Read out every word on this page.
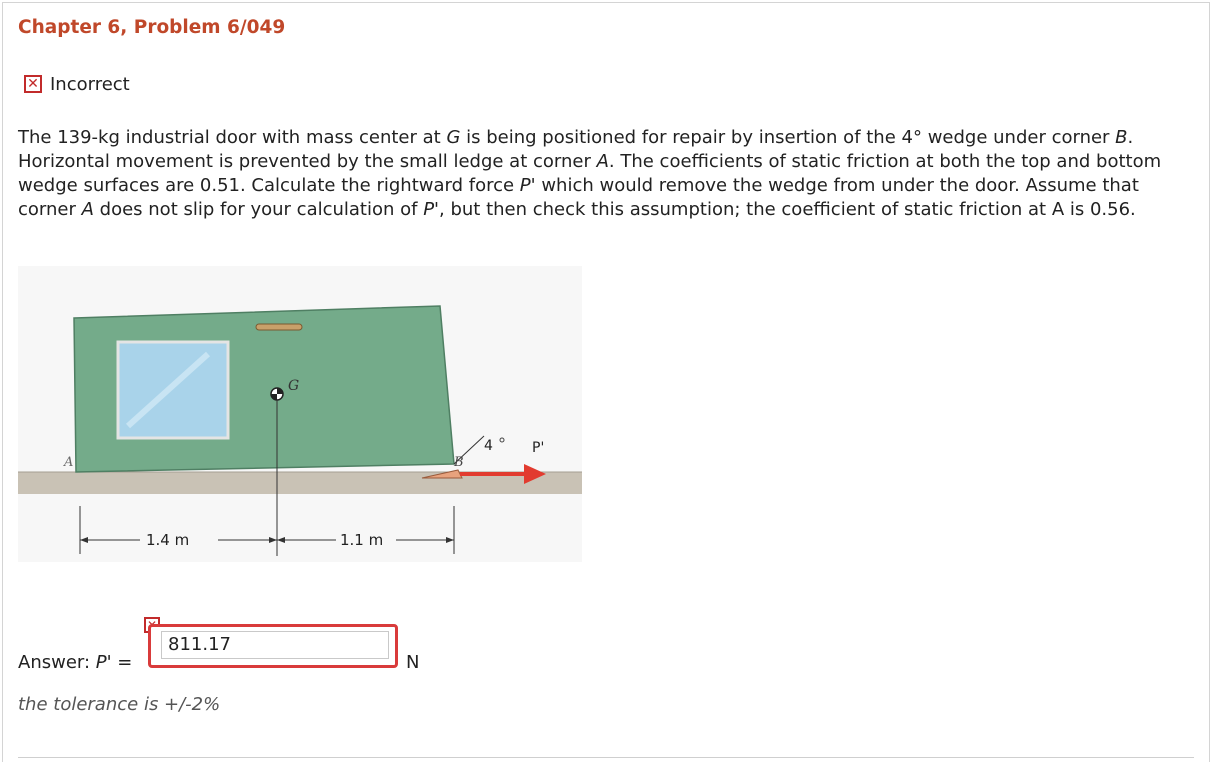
Chapter 6, Problem 6/049
✕ Incorrect
The 139-kg industrial door with mass center at G is being positioned for repair by insertion of the 4° wedge under corner B. Horizontal movement is prevented by the small ledge at corner A. The coefficients of static friction at both the top and bottom wedge surfaces are 0.51. Calculate the rightward force P' which would remove the wedge from under the door. Assume that corner A does not slip for your calculation of P', but then check this assumption; the coefficient of static friction at A is 0.56.
G
A	B
4	P'
1.4 m	1.1 m
Answer: P' =
811.17
N
the tolerance is +/-2%
